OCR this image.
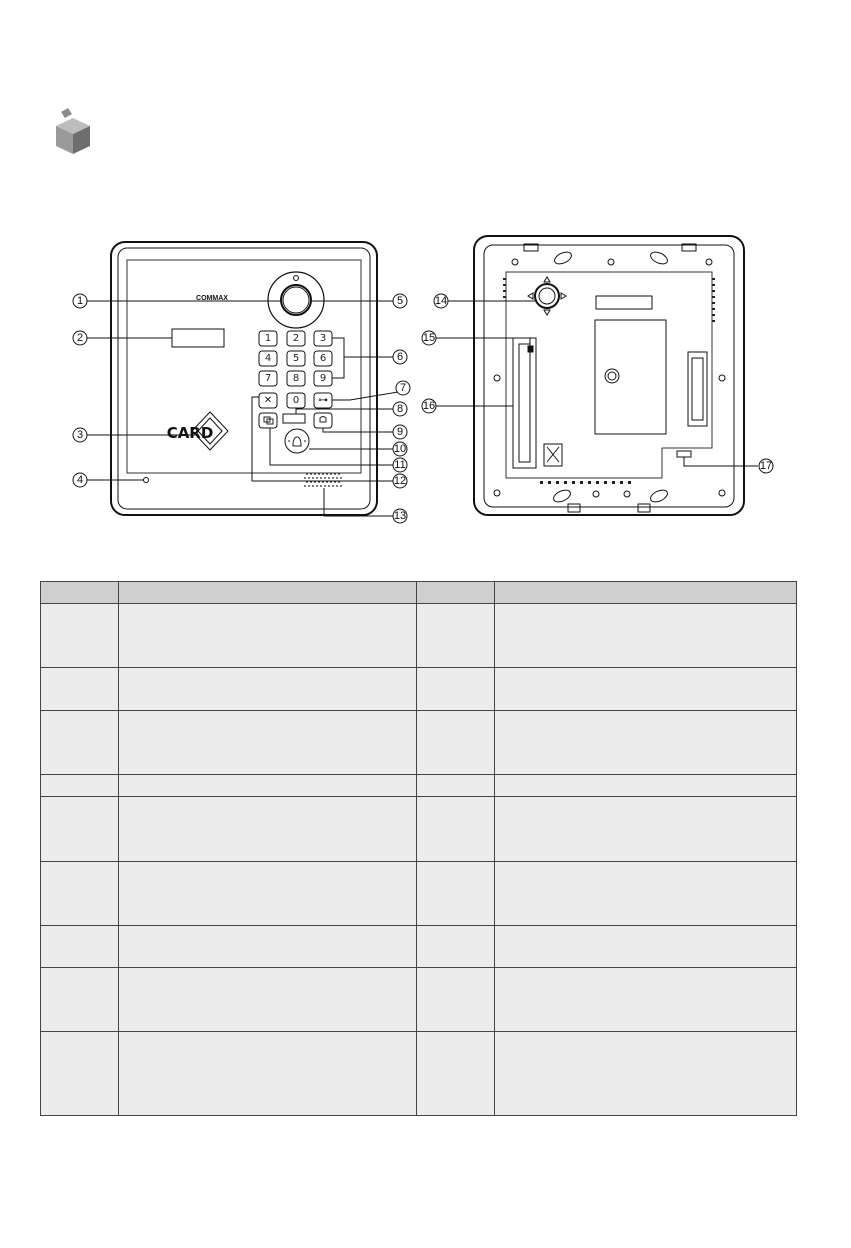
COMMAX
CARD
1 2 3
4 5 6
7 8 9
✕ 0 ⊶
1
2
3
4
5
6
7
8
9
10
11
12
13
14
15
16
17
